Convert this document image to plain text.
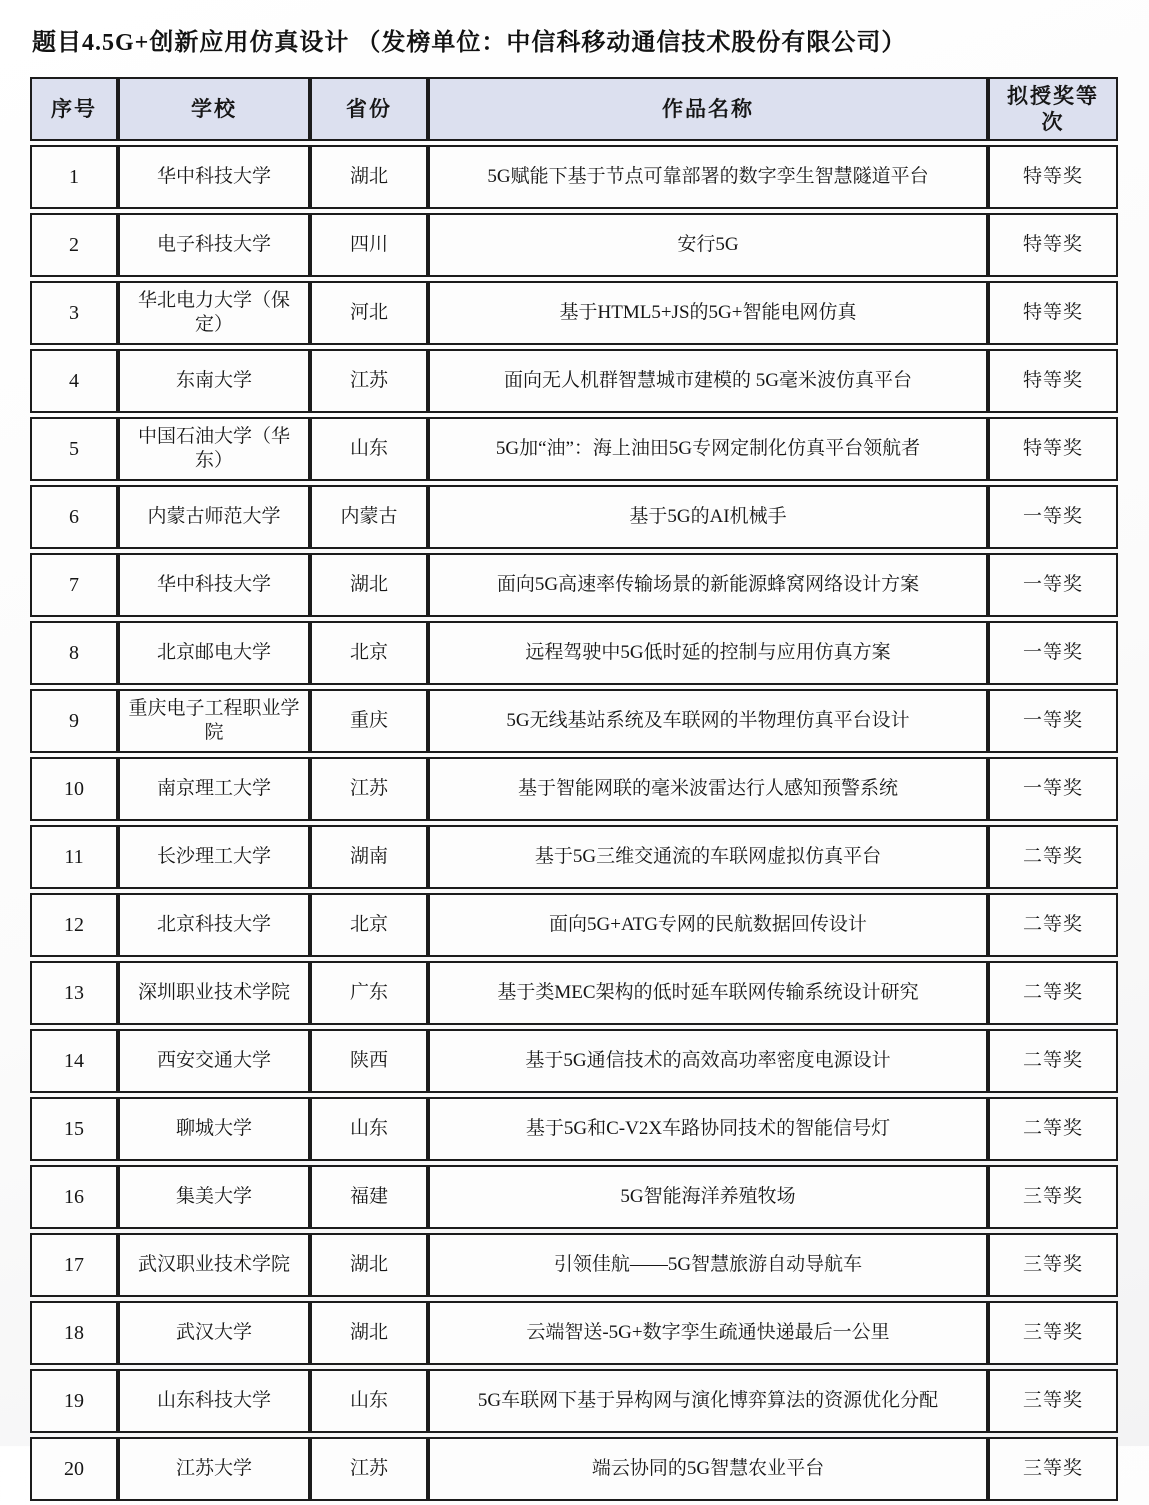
题目4.5G+创新应用仿真设计 （发榜单位：中信科移动通信技术股份有限公司）
序号	学校	省份	作品名称	拟授奖等次
1	华中科技大学	湖北	5G赋能下基于节点可靠部署的数字孪生智慧隧道平台	特等奖
2	电子科技大学	四川	安行5G	特等奖
3	华北电力大学（保定）	河北	基于HTML5+JS的5G+智能电网仿真	特等奖
4	东南大学	江苏	面向无人机群智慧城市建模的 5G毫米波仿真平台	特等奖
5	中国石油大学（华东）	山东	5G加“油”：海上油田5G专网定制化仿真平台领航者	特等奖
6	内蒙古师范大学	内蒙古	基于5G的AI机械手	一等奖
7	华中科技大学	湖北	面向5G高速率传输场景的新能源蜂窝网络设计方案	一等奖
8	北京邮电大学	北京	远程驾驶中5G低时延的控制与应用仿真方案	一等奖
9	重庆电子工程职业学院	重庆	5G无线基站系统及车联网的半物理仿真平台设计	一等奖
10	南京理工大学	江苏	基于智能网联的毫米波雷达行人感知预警系统	一等奖
11	长沙理工大学	湖南	基于5G三维交通流的车联网虚拟仿真平台	二等奖
12	北京科技大学	北京	面向5G+ATG专网的民航数据回传设计	二等奖
13	深圳职业技术学院	广东	基于类MEC架构的低时延车联网传输系统设计研究	二等奖
14	西安交通大学	陕西	基于5G通信技术的高效高功率密度电源设计	二等奖
15	聊城大学	山东	基于5G和C-V2X车路协同技术的智能信号灯	二等奖
16	集美大学	福建	5G智能海洋养殖牧场	三等奖
17	武汉职业技术学院	湖北	引领佳航——5G智慧旅游自动导航车	三等奖
18	武汉大学	湖北	云端智送-5G+数字孪生疏通快递最后一公里	三等奖
19	山东科技大学	山东	5G车联网下基于异构网与演化博弈算法的资源优化分配	三等奖
20	江苏大学	江苏	端云协同的5G智慧农业平台	三等奖
